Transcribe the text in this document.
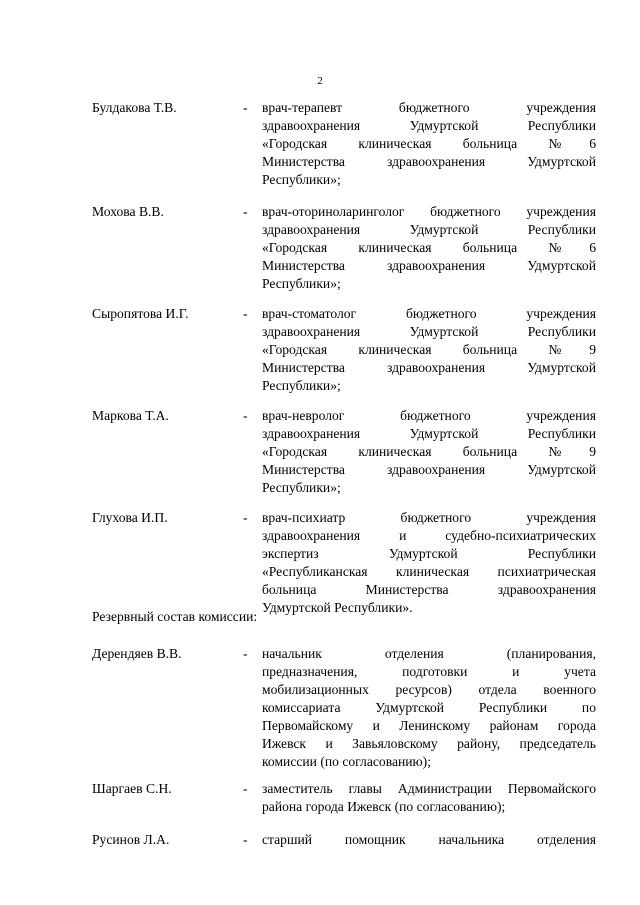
2
Булдакова Т.В.	- врач-терапевт бюджетного учреждения
здравоохранения Удмуртской Республики
«Городская клиническая больница №6
Министерства здравоохранения Удмуртской
Республики»;
Мохова В.В.	- врач-оториноларинголог бюджетного учреждения
здравоохранения Удмуртской Республики
«Городская клиническая больница №6
Министерства здравоохранения Удмуртской
Республики»;
Сыропятова И.Г.	- врач-стоматолог бюджетного учреждения
здравоохранения Удмуртской Республики
«Городская клиническая больница №9
Министерства здравоохранения Удмуртской
Республики»;
Маркова Т.А.	- врач-невролог бюджетного учреждения
здравоохранения Удмуртской Республики
«Городская клиническая больница №9
Министерства здравоохранения Удмуртской
Республики»;
Глухова И.П.	- врач-психиатр бюджетного учреждения
здравоохранения и судебно-психиатрических
экспертиз Удмуртской Республики
«Республиканская клиническая психиатрическая
больница Министерства здравоохранения
Удмуртской Республики».
Резервный состав комиссии:
Дерендяев В.В.	- начальник отделения (планирования,
предназначения, подготовки и учета
мобилизационных ресурсов) отдела военного
комиссариата Удмуртской Республики по
Первомайскому и Ленинскому районам города
Ижевск и Завьяловскому району, председатель
комиссии (по согласованию);
Шаргаев С.Н.	- заместитель главы Администрации Первомайского
района города Ижевск (по согласованию);
Русинов Л.А.	- старший помощник начальника отделения
